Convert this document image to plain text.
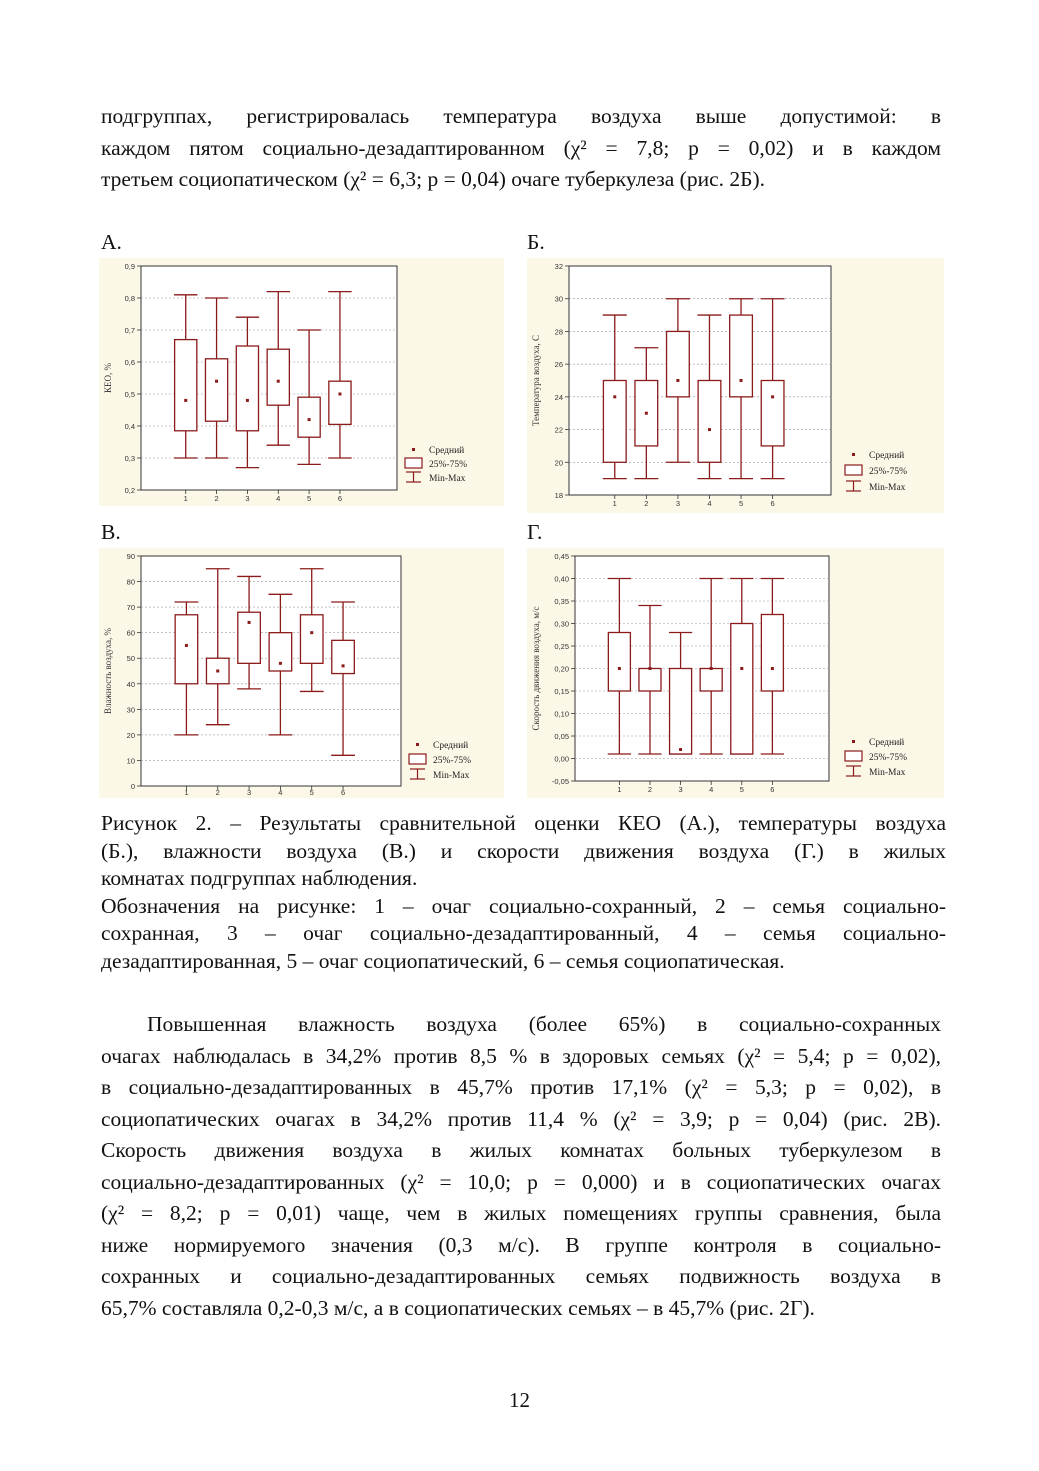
подгруппах, регистрировалась температура воздуха выше допустимой: в
каждом пятом социально-дезадаптированном (χ² = 7,8; р = 0,02) и в каждом
третьем социопатическом (χ² = 6,3; р = 0,04) очаге туберкулеза (рис. 2Б).
А.	Б.
В.	Г.
0,2
0,3
0,4
0,5
0,6
0,7
0,8
0,9
КЕО, %
1	2	3	4	5	6
Средний
25%-75%
Min-Max
18
20
22
24
26
28
30
32
Температура воздуха, С
1	2	3	4	5	6
Средний
25%-75%
Min-Max
0
10
20
30
40
50
60
70
80
90
Влажность воздуха, %
1	2	3	4	5	6
Средний
25%-75%
Min-Max
-0,05
0,00
0,05
0,10
0,15
0,20
0,25
0,30
0,35
0,40
0,45
Скорость движения воздуха, м/с
1	2	3	4	5	6
Средний
25%-75%
Min-Max
Рисунок 2. – Результаты сравнительной оценки КЕО (А.), температуры воздуха
(Б.), влажности воздуха (В.) и скорости движения воздуха (Г.) в жилых
комнатах подгруппах наблюдения.
Обозначения на рисунке: 1 – очаг социально-сохранный, 2 – семья социально-
сохранная, 3 – очаг социально-дезадаптированный, 4 – семья социально-
дезадаптированная, 5 – очаг социопатический, 6 – семья социопатическая.
Повышенная влажность воздуха (более 65%) в социально-сохранных
очагах наблюдалась в 34,2% против 8,5 % в здоровых семьях (χ² = 5,4; р = 0,02),
в социально-дезадаптированных в 45,7% против 17,1% (χ² = 5,3; р = 0,02), в
социопатических очагах в 34,2% против 11,4 % (χ² = 3,9; р = 0,04) (рис. 2В).
Скорость движения воздуха в жилых комнатах больных туберкулезом в
социально-дезадаптированных (χ² = 10,0; р = 0,000) и в социопатических очагах
(χ² = 8,2; р = 0,01) чаще, чем в жилых помещениях группы сравнения, была
ниже нормируемого значения (0,3 м/с). В группе контроля в социально-
сохранных и социально-дезадаптированных семьях подвижность воздуха в
65,7% составляла 0,2-0,3 м/с, а в социопатических семьях – в 45,7% (рис. 2Г).
12
